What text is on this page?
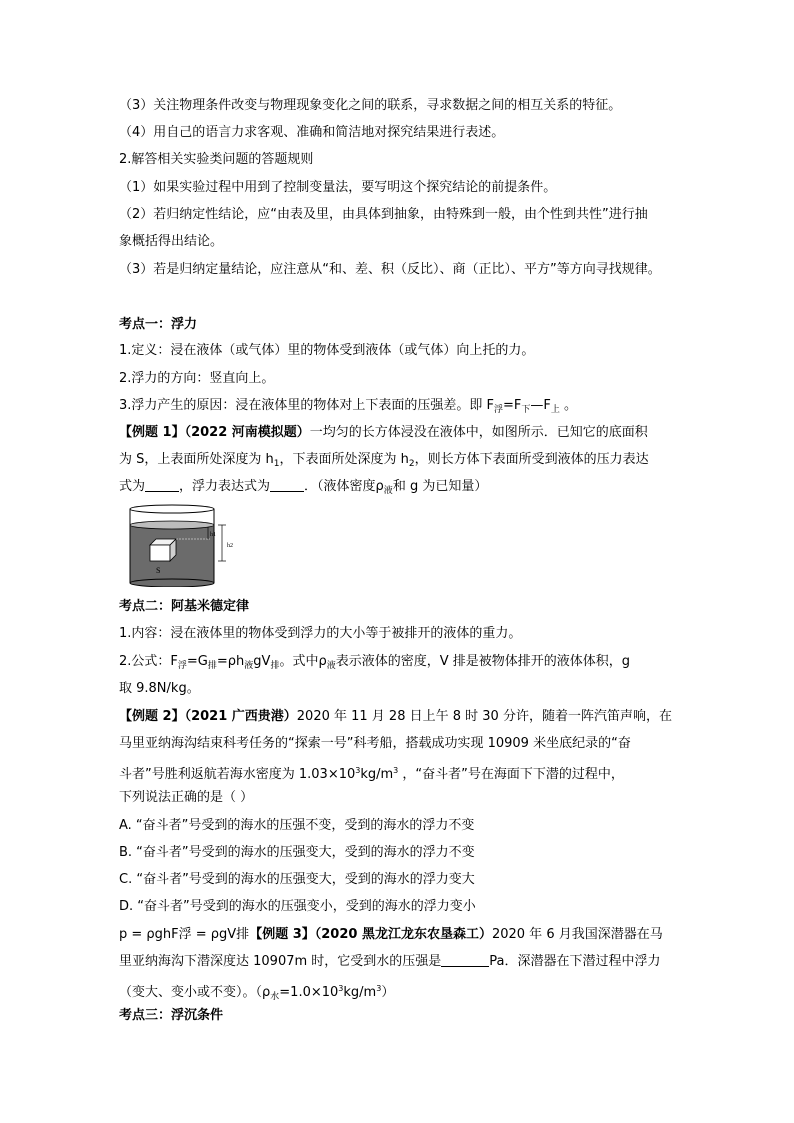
（3）关注物理条件改变与物理现象变化之间的联系，寻求数据之间的相互关系的特征。
（4）用自己的语言力求客观、准确和简洁地对探究结果进行表述。
2.解答相关实验类问题的答题规则
（1）如果实验过程中用到了控制变量法，要写明这个探究结论的前提条件。
（2）若归纳定性结论，应“由表及里，由具体到抽象，由特殊到一般，由个性到共性”进行抽
象概括得出结论。
（3）若是归纳定量结论，应注意从“和、差、积（反比）、商（正比）、平方”等方向寻找规律。
考点一：浮力
1.定义：浸在液体（或气体）里的物体受到液体（或气体）向上托的力。
2.浮力的方向：竖直向上。
3.浮力产生的原因：浸在液体里的物体对上下表面的压强差。即 $F_浮=F_下—F_上$ 。
【例题 1】（2022 河南模拟题）一均匀的长方体浸没在液体中，如图所示．已知它的底面积
为 S，上表面所处深度为 $h_1$，下表面所处深度为 $h_2$，则长方体下表面所受到液体的压力表达
式为	，浮力表达式为	．（液体密度$\rho_液$和 g 为已知量）
S
h1
h2
考点二：阿基米德定律
1.内容：浸在液体里的物体受到浮力的大小等于被排开的液体的重力。
2.公式：$F_浮=G_排=\rho h_液gV_排$。式中$\rho_液$表示液体的密度，V 排是被物体排开的液体体积，g
取 9.8N/kg。
【例题 2】（2021 广西贵港）2020 年 11 月 28 日上午 8 时 30 分许，随着一阵汽笛声响，在
马里亚纳海沟结束科考任务的“探索一号”科考船，搭载成功实现 10909 米坐底纪录的“奋
斗者”号胜利返航若海水密度为 $1.03\times 10^3kg/m^3$ ，“奋斗者”号在海面下下潜的过程中，
下列说法正确的是（ ）
A. “奋斗者”号受到的海水的压强不变，受到的海水的浮力不变
B. “奋斗者”号受到的海水的压强变大，受到的海水的浮力不变
C. “奋斗者”号受到的海水的压强变大，受到的海水的浮力变大
D. “奋斗者”号受到的海水的压强变小，受到的海水的浮力变小
p = ρghF浮 = ρgV排【例题 3】（2020 黑龙江龙东农垦森工）2020 年 6 月我国深潜器在马
里亚纳海沟下潜深度达 10907m 时，它受到水的压强是	Pa．深潜器在下潜过程中浮力
（变大、变小或不变）。$(\rho_水=1.0\times 10^3kg/m^3)$
考点三：浮沉条件
